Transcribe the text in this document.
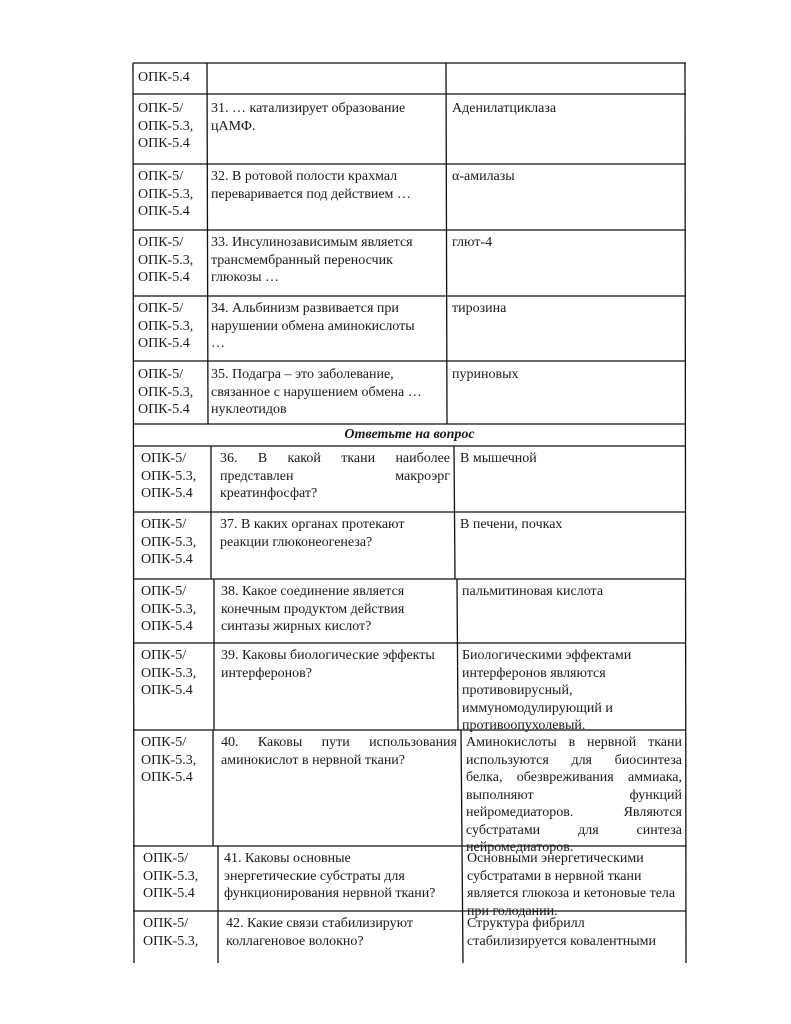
Ответьте на вопрос
ОПК-5.4
ОПК-5/
ОПК-5.3,
ОПК-5.4
31. … катализирует образование
цАМФ.
Аденилатциклаза
ОПК-5/
ОПК-5.3,
ОПК-5.4
32. В ротовой полости крахмал
переваривается под действием …
α-амилазы
ОПК-5/
ОПК-5.3,
ОПК-5.4
33. Инсулинозависимым является
трансмембранный переносчик
глюкозы …
глют-4
ОПК-5/
ОПК-5.3,
ОПК-5.4
34. Альбинизм развивается при
нарушении обмена аминокислоты
…
тирозина
ОПК-5/
ОПК-5.3,
ОПК-5.4
35. Подагра – это заболевание,
связанное с нарушением обмена …
нуклеотидов
пуриновых
ОПК-5/
ОПК-5.3,
ОПК-5.4
36. В какой ткани наиболее
представлен макроэрг
креатинфосфат?
В мышечной
ОПК-5/
ОПК-5.3,
ОПК-5.4
37. В каких органах протекают
реакции глюконеогенеза?
В печени, почках
ОПК-5/
ОПК-5.3,
ОПК-5.4
38. Какое соединение является
конечным продуктом действия
синтазы жирных кислот?
пальмитиновая кислота
ОПК-5/
ОПК-5.3,
ОПК-5.4
39. Каковы биологические эффекты
интерферонов?
Биологическими эффектами
интерферонов являются
противовирусный,
иммуномодулирующий и
противоопухолевый.
ОПК-5/
ОПК-5.3,
ОПК-5.4
40. Каковы пути использования
аминокислот в нервной ткани?
Аминокислоты в нервной ткани
используются для биосинтеза
белка, обезвреживания аммиака,
выполняют функций
нейромедиаторов. Являются
субстратами для синтеза
нейромедиаторов.
ОПК-5/
ОПК-5.3,
ОПК-5.4
41. Каковы основные
энергетические субстраты для
функционирования нервной ткани?
Основными энергетическими
субстратами в нервной ткани
является глюкоза и кетоновые тела
при голодании.
ОПК-5/
ОПК-5.3,
42. Какие связи стабилизируют
коллагеновое волокно?
Структура фибрилл
стабилизируется ковалентными
